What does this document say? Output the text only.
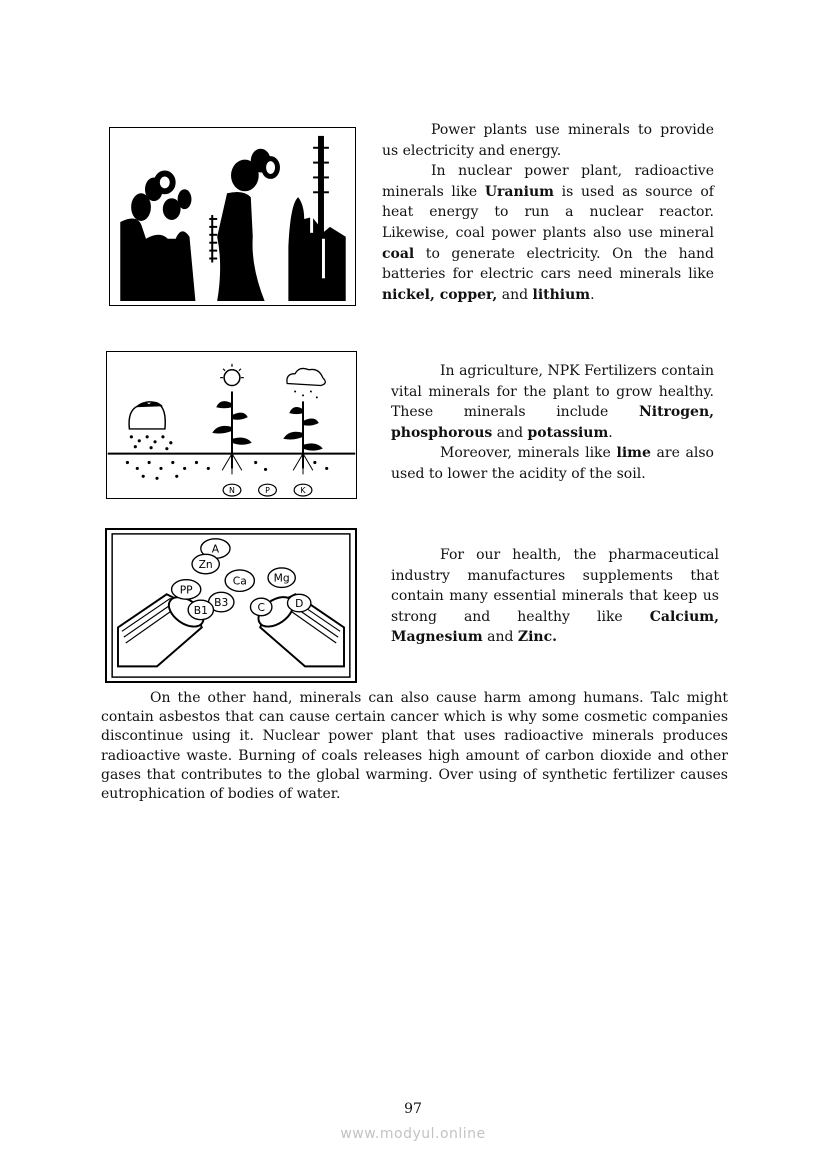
Power plants use minerals to provide us electricity and energy.

In nuclear power plant, radioactive minerals like Uranium is used as source of heat energy to run a nuclear reactor. Likewise, coal power plants also use mineral coal to generate electricity. On the hand batteries for electric cars need minerals like nickel, copper, and lithium.

N	P	K

In agriculture, NPK Fertilizers contain vital minerals for the plant to grow healthy. These minerals include Nitrogen, phosphorous and potassium.

Moreover, minerals like lime are also used to lower the acidity of the soil.

A
Zn
Ca Mg
PP
B3
B1	C	D

For our health, the pharmaceutical industry manufactures supplements that contain many essential minerals that keep us strong and healthy like Calcium, Magnesium and Zinc.

On the other hand, minerals can also cause harm among humans. Talc might contain asbestos that can cause certain cancer which is why some cosmetic companies discontinue using it. Nuclear power plant that uses radioactive minerals produces radioactive waste. Burning of coals releases high amount of carbon dioxide and other gases that contributes to the global warming. Over using of synthetic fertilizer causes eutrophication of bodies of water.

97
www.modyul.online
